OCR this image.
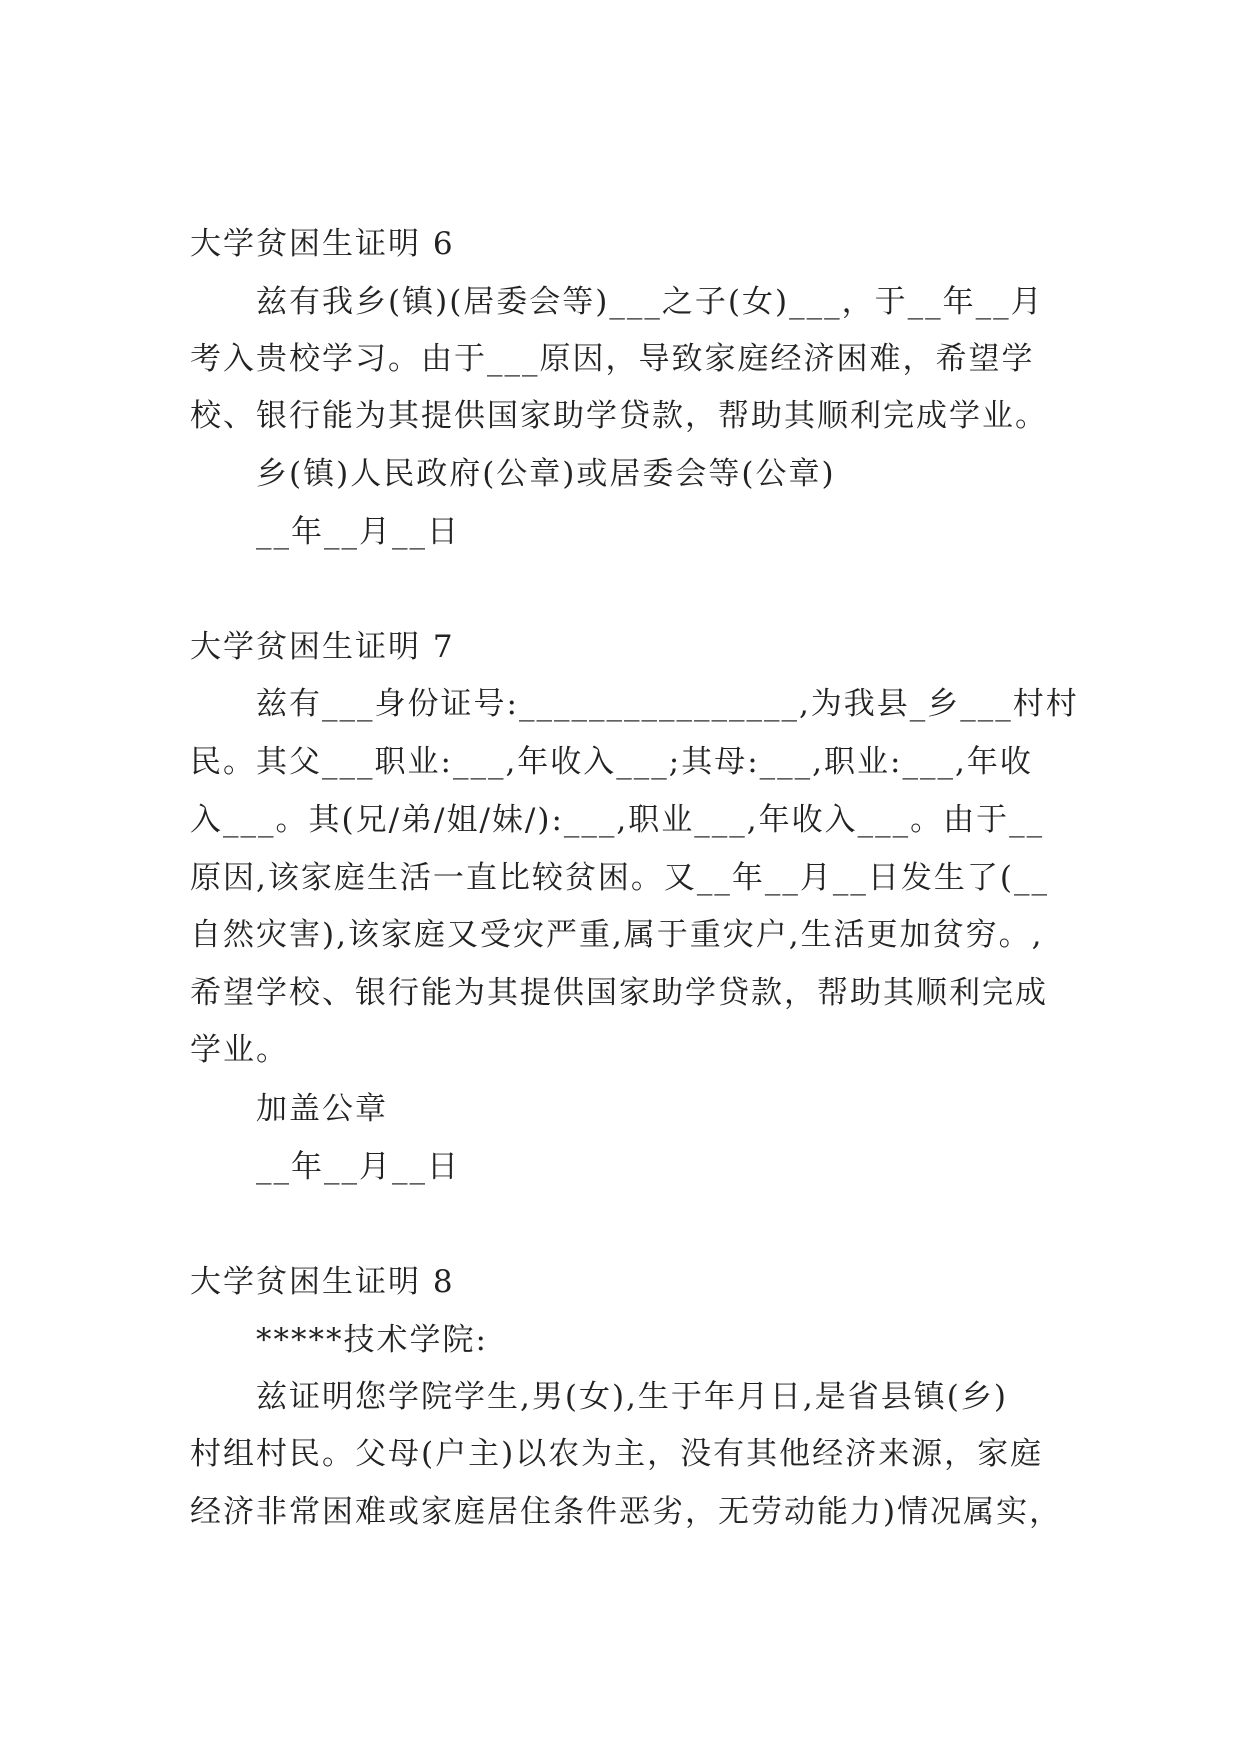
大学贫困生证明 6
兹有我乡(镇)(居委会等)___之子(女)___，于__年__月
考入贵校学习。由于___原因，导致家庭经济困难，希望学
校、银行能为其提供国家助学贷款，帮助其顺利完成学业。
乡(镇)人民政府(公章)或居委会等(公章)
__年__月__日
大学贫困生证明 7
兹有___身份证号:________________,为我县_乡___村村
民。其父___职业:___,年收入___;其母:___,职业:___,年收
入___。其(兄/弟/姐/妹/):___,职业___,年收入___。由于__
原因,该家庭生活一直比较贫困。又__年__月__日发生了(__
自然灾害),该家庭又受灾严重,属于重灾户,生活更加贫穷。,
希望学校、银行能为其提供国家助学贷款，帮助其顺利完成
学业。
加盖公章
__年__月__日
大学贫困生证明 8
*****技术学院:
兹证明您学院学生,男(女),生于年月日,是省县镇(乡)
村组村民。父母(户主)以农为主，没有其他经济来源，家庭
经济非常困难或家庭居住条件恶劣，无劳动能力)情况属实，
